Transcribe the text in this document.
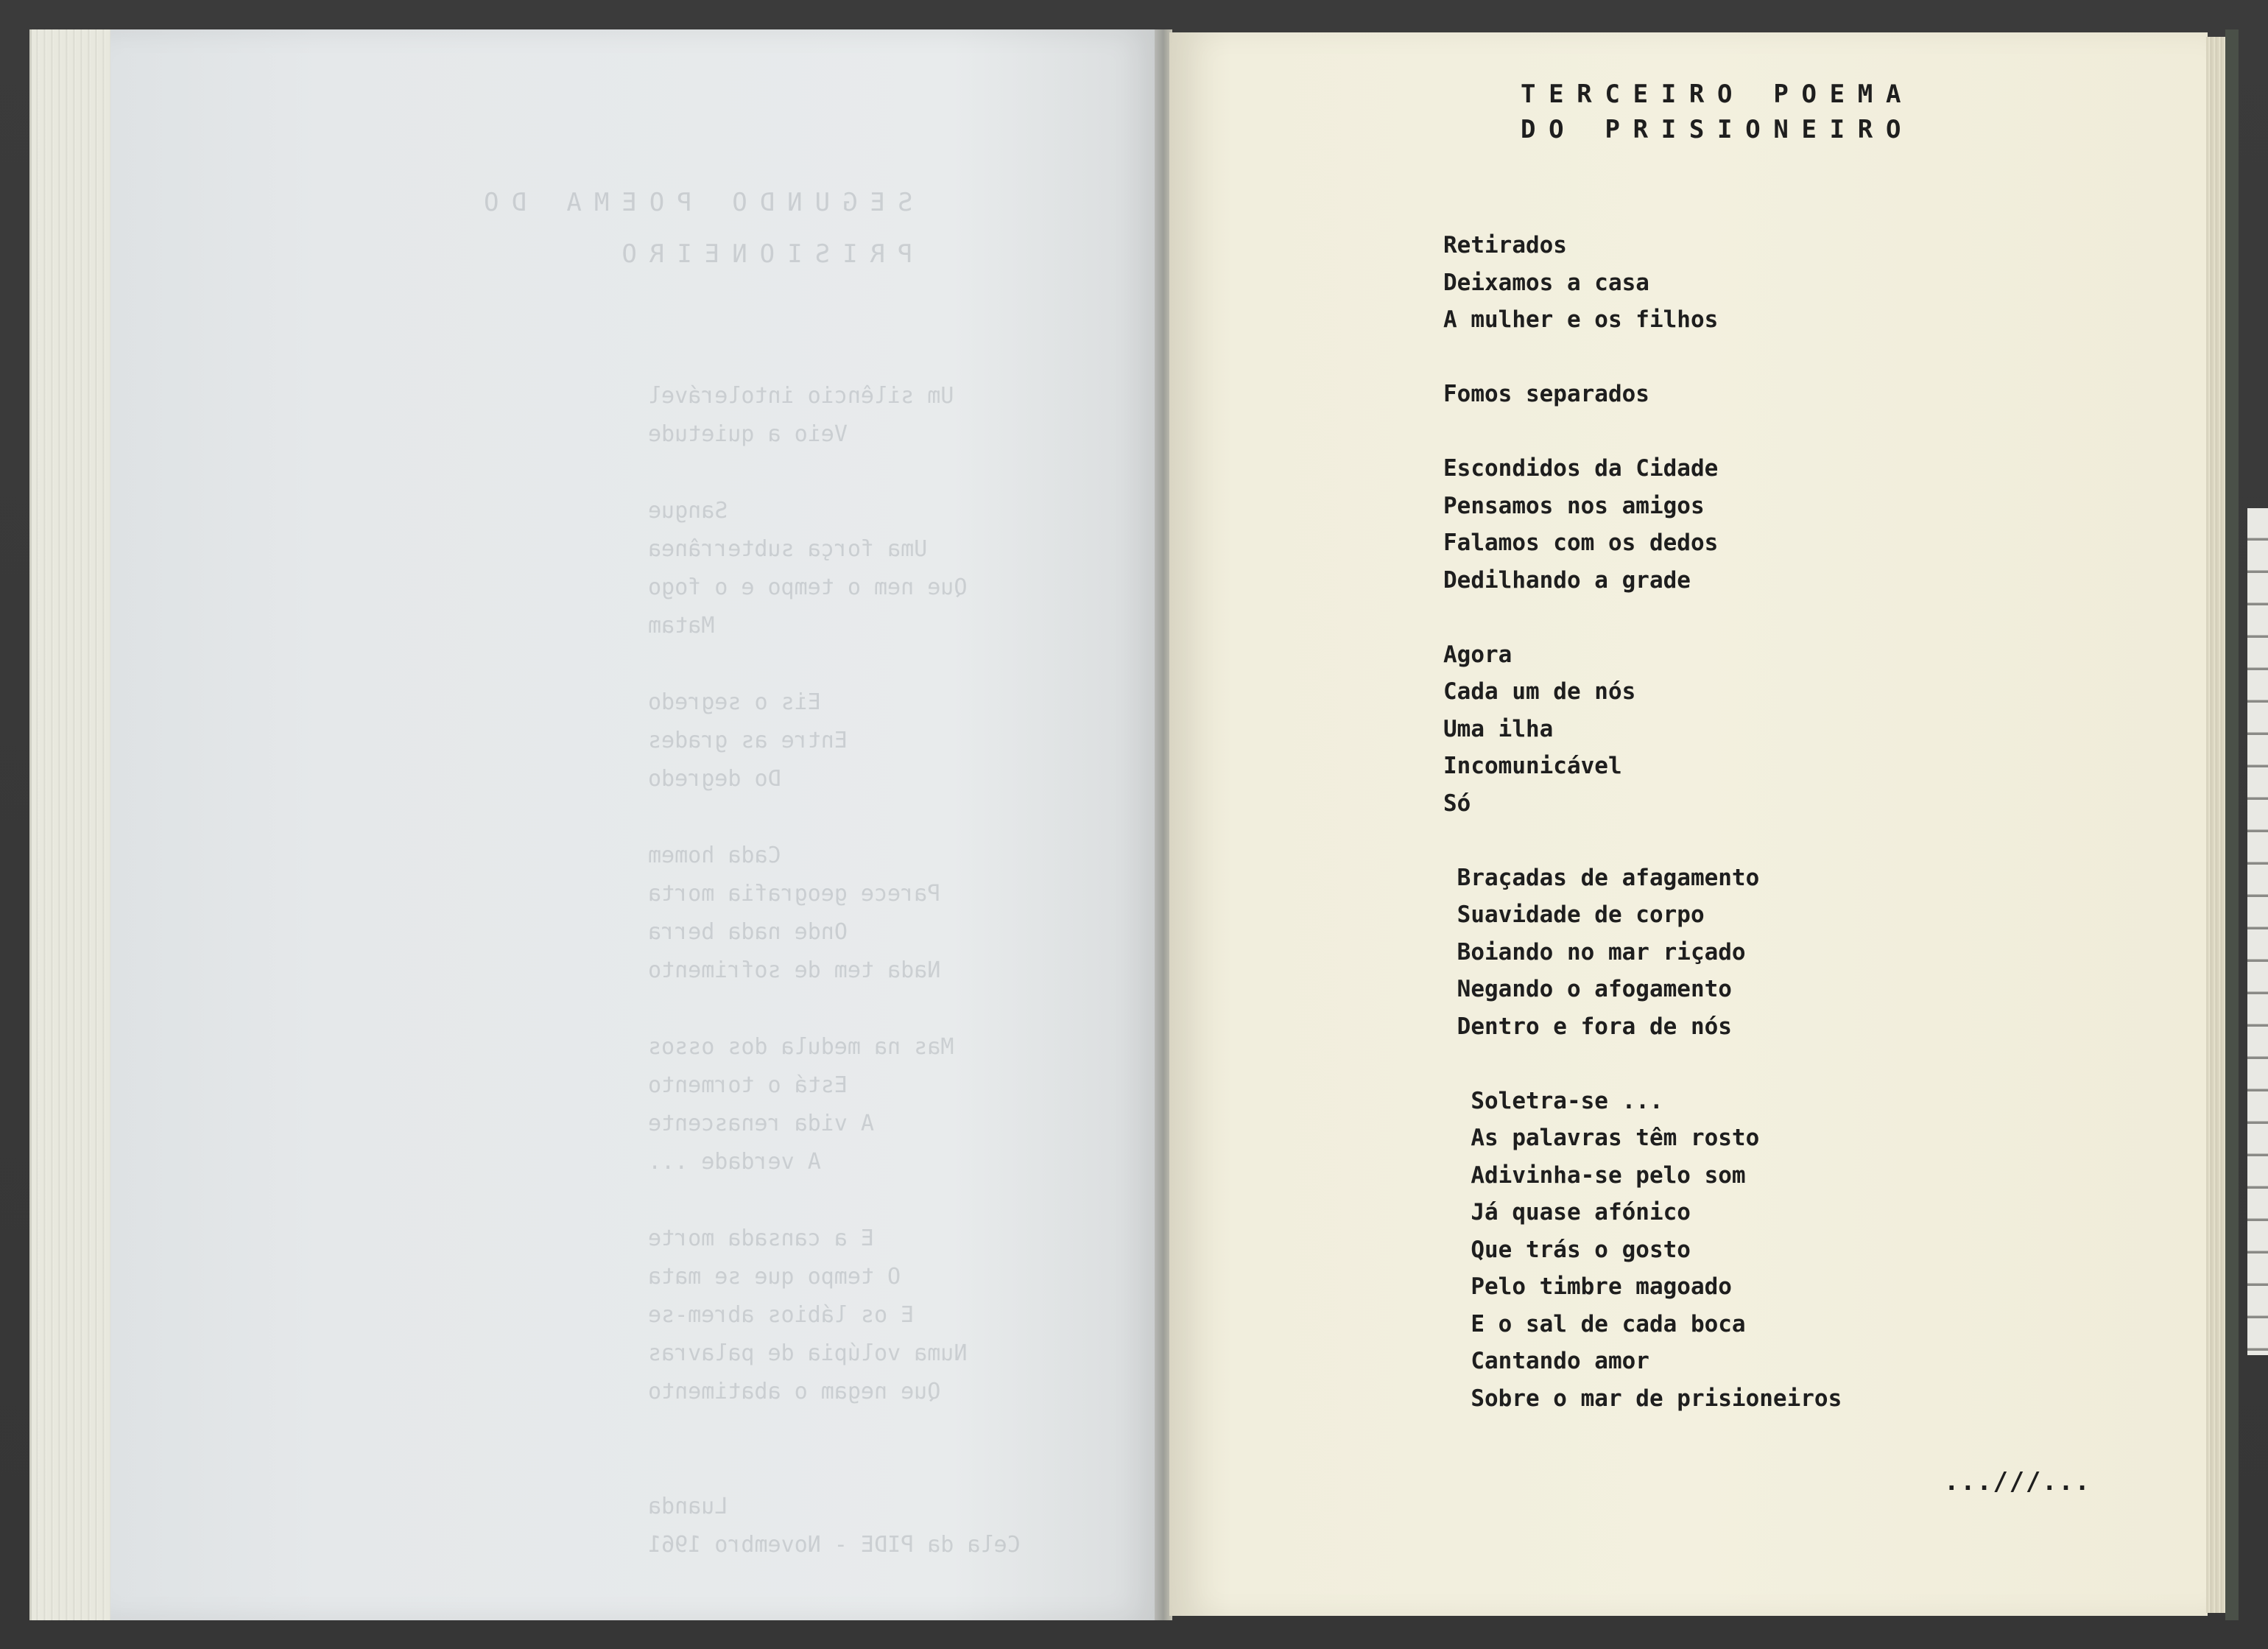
SEGUNDO POEMA DO
PRISIONEIRO
Um silêncio intolerável
Veio a quietude

Sangue
Uma força subterrânea
Que nem o tempo e o fogo
Matam

Eis o segredo
Entre as grades
Do degredo

Cada homem
Parece geografia morta
Onde nada berra
Nada tem de sofrimento

Mas na medula dos ossos
Está o tormento
A vida renascente
A verdade ...

E a cansada morte
O tempo que se mata
E os lábios abrem-se
Numa volúpia de palavras
Que negam o abatimento

Luanda
Cela da PIDE - Novembro 1961
TERCEIRO POEMA
DO PRISIONEIRO
Retirados
Deixamos a casa
A mulher e os filhos

Fomos separados

Escondidos da Cidade
Pensamos nos amigos
Falamos com os dedos
Dedilhando a grade

Agora
Cada um de nós
Uma ilha
Incomunicável
Só

Braçadas de afagamento
Suavidade de corpo
Boiando no mar riçado
Negando o afogamento
Dentro e fora de nós

Soletra-se ...
As palavras têm rosto
Adivinha-se pelo som
Já quase afónico
Que trás o gosto
Pelo timbre magoado
E o sal de cada boca
Cantando amor
Sobre o mar de prisioneiros
...///...
